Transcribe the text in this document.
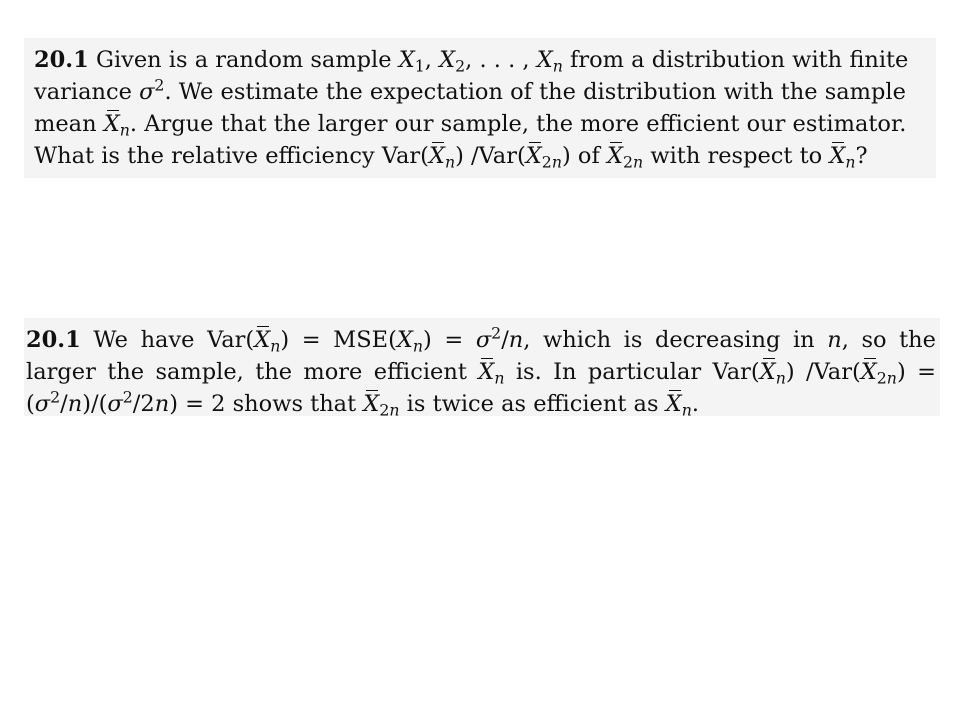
20.1 Given is a random sample $X_1$, $X_2$, . . . , $X_n$ from a distribution with finite
variance $\sigma^2$. We estimate the expectation of the distribution with the sample
mean $X_n$. Argue that the larger our sample, the more efficient our estimator.
What is the relative efficiency $Var(X_n)$ $/Var(X_{2n})$ of $X_{2n}$ with respect to $X_n$?
20.1 We have $Var(X_n) = MSE(X_n) = \sigma^2/n$, which is decreasing in n, so the
larger the sample, the more efficient $X_n$ is. In particular $Var(X_n) /Var(X_{2n})$ =
$(\sigma^2/n)/(\sigma^2/2n) = 2$ shows that $X_{2n}$ is twice as efficient as $X_n$.
